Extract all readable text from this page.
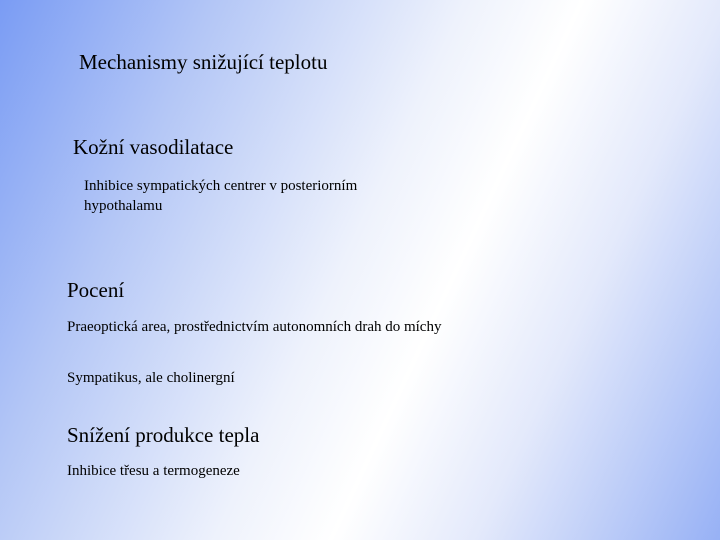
Mechanismy snižující teplotu
Kožní vasodilatace
Inhibice sympatických centrer v posteriorním hypothalamu
Pocení
Praeoptická area, prostřednictvím autonomních drah do míchy
Sympatikus, ale cholinergní
Snížení produkce tepla
Inhibice třesu a termogeneze
